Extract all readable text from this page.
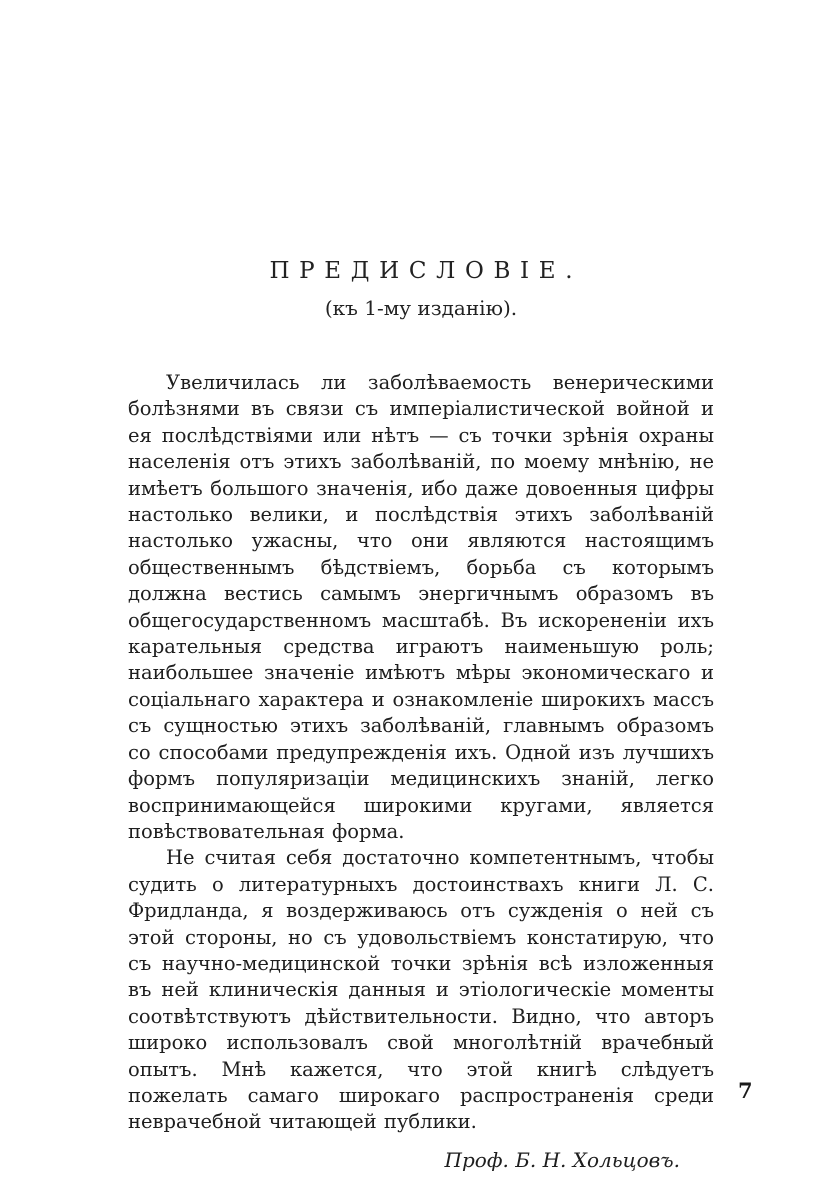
ПРЕДИСЛОВІЕ.
(къ 1-му изданію).

Увеличилась ли заболѣваемость венерическими болѣзнями въ связи съ имперіалистической войной и ея послѣдствіями или нѣтъ — съ точки зрѣнія охраны населенія отъ этихъ заболѣваній, по моему мнѣнію, не имѣетъ большого значенія, ибо даже довоенныя цифры настолько велики, и послѣдствія этихъ заболѣваній настолько ужасны, что они являются настоящимъ общественнымъ бѣдствіемъ, борьба съ которымъ должна вестись самымъ энергичнымъ образомъ въ общегосударственномъ масштабѣ. Въ искорененіи ихъ карательныя средства играютъ наименьшую роль; наибольшее значеніе имѣютъ мѣры экономическаго и соціальнаго характера и ознакомленіе широкихъ массъ съ сущностью этихъ заболѣваній, главнымъ образомъ со способами предупрежденія ихъ. Одной изъ лучшихъ формъ популяризаціи медицинскихъ знаній, легко воспринимающейся широкими кругами, является повѣствовательная форма.

Не считая себя достаточно компетентнымъ, чтобы судить о литературныхъ достоинствахъ книги Л. С. Фридланда, я воздерживаюсь отъ сужденія о ней съ этой стороны, но съ удовольствіемъ констатирую, что съ научно-медицинской точки зрѣнія всѣ изложенныя въ ней клиническія данныя и этіологическіе моменты соотвѣтствуютъ дѣйствительности. Видно, что авторъ широко использовалъ свой многолѣтній врачебный опытъ. Мнѣ кажется, что этой книгѣ слѣдуетъ пожелать самаго широкаго распространенія среди неврачебной читающей публики.

Проф. Б. Н. Хольцовъ.

7
